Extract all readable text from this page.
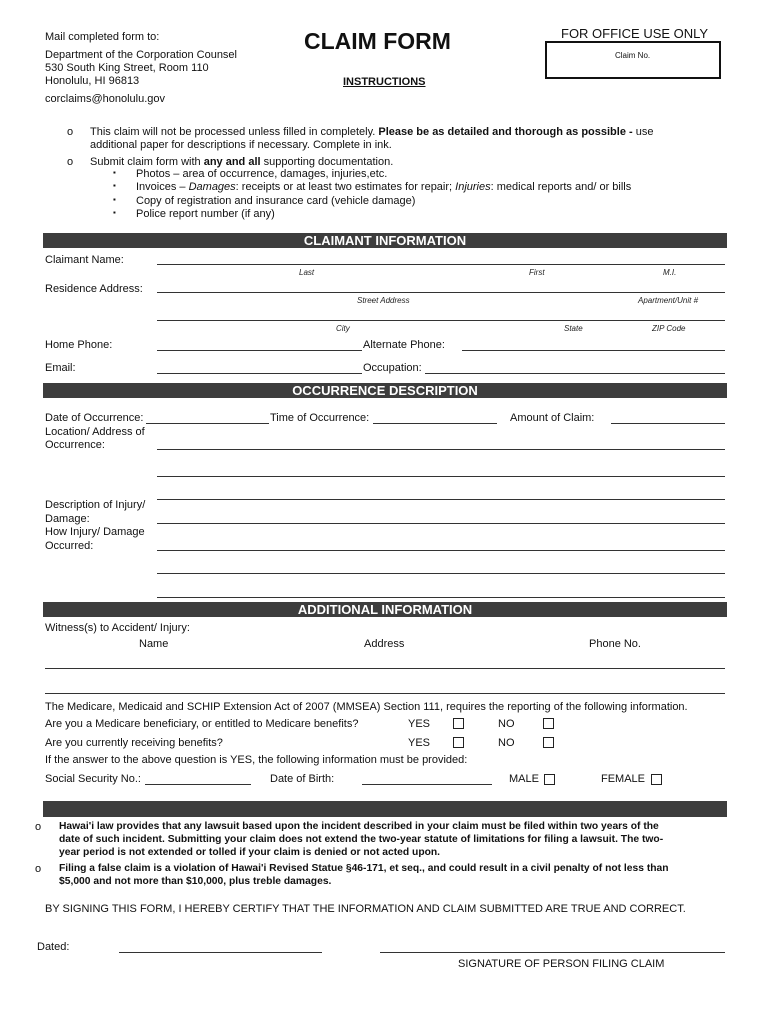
Mail completed form to:
Department of the Corporation Counsel
530 South King Street, Room 110
Honolulu, HI 96813
corclaims@honolulu.gov
CLAIM FORM
INSTRUCTIONS
FOR OFFICE USE ONLY
Claim No.
o This claim will not be processed unless filled in completely. Please be as detailed and thorough as possible - use
additional paper for descriptions if necessary. Complete in ink.
o Submit claim form with any and all supporting documentation.
▪ Photos – area of occurrence, damages, injuries,etc.
▪ Invoices – Damages: receipts or at least two estimates for repair; Injuries: medical reports and/ or bills
▪ Copy of registration and insurance card (vehicle damage)
▪ Police report number (if any)
CLAIMANT INFORMATION
Claimant Name:
Last	First	M.I.
Residence Address:
Street Address	Apartment/Unit #
City	State	ZIP Code
Home Phone:	Alternate Phone:
Email:	Occupation:
OCCURRENCE DESCRIPTION
Date of Occurrence:	Time of Occurrence:	Amount of Claim:
Location/ Address of
Occurrence:
Description of Injury/
Damage:
How Injury/ Damage
Occurred:
ADDITIONAL INFORMATION
Witness(s) to Accident/ Injury:
Name	Address	Phone No.
The Medicare, Medicaid and SCHIP Extension Act of 2007 (MMSEA) Section 111, requires the reporting of the following information.
Are you a Medicare beneficiary, or entitled to Medicare benefits?	YES	NO
Are you currently receiving benefits?	YES	NO
If the answer to the above question is YES, the following information must be provided:
Social Security No.:	Date of Birth:	MALE	FEMALE
o Hawai'i law provides that any lawsuit based upon the incident described in your claim must be filed within two years of the
date of such incident. Submitting your claim does not extend the two-year statute of limitations for filing a lawsuit. The two-
year period is not extended or tolled if your claim is denied or not acted upon.
o Filing a false claim is a violation of Hawai'i Revised Statue §46-171, et seq., and could result in a civil penalty of not less than
$5,000 and not more than $10,000, plus treble damages.
BY SIGNING THIS FORM, I HEREBY CERTIFY THAT THE INFORMATION AND CLAIM SUBMITTED ARE TRUE AND CORRECT.
Dated:
SIGNATURE OF PERSON FILING CLAIM
